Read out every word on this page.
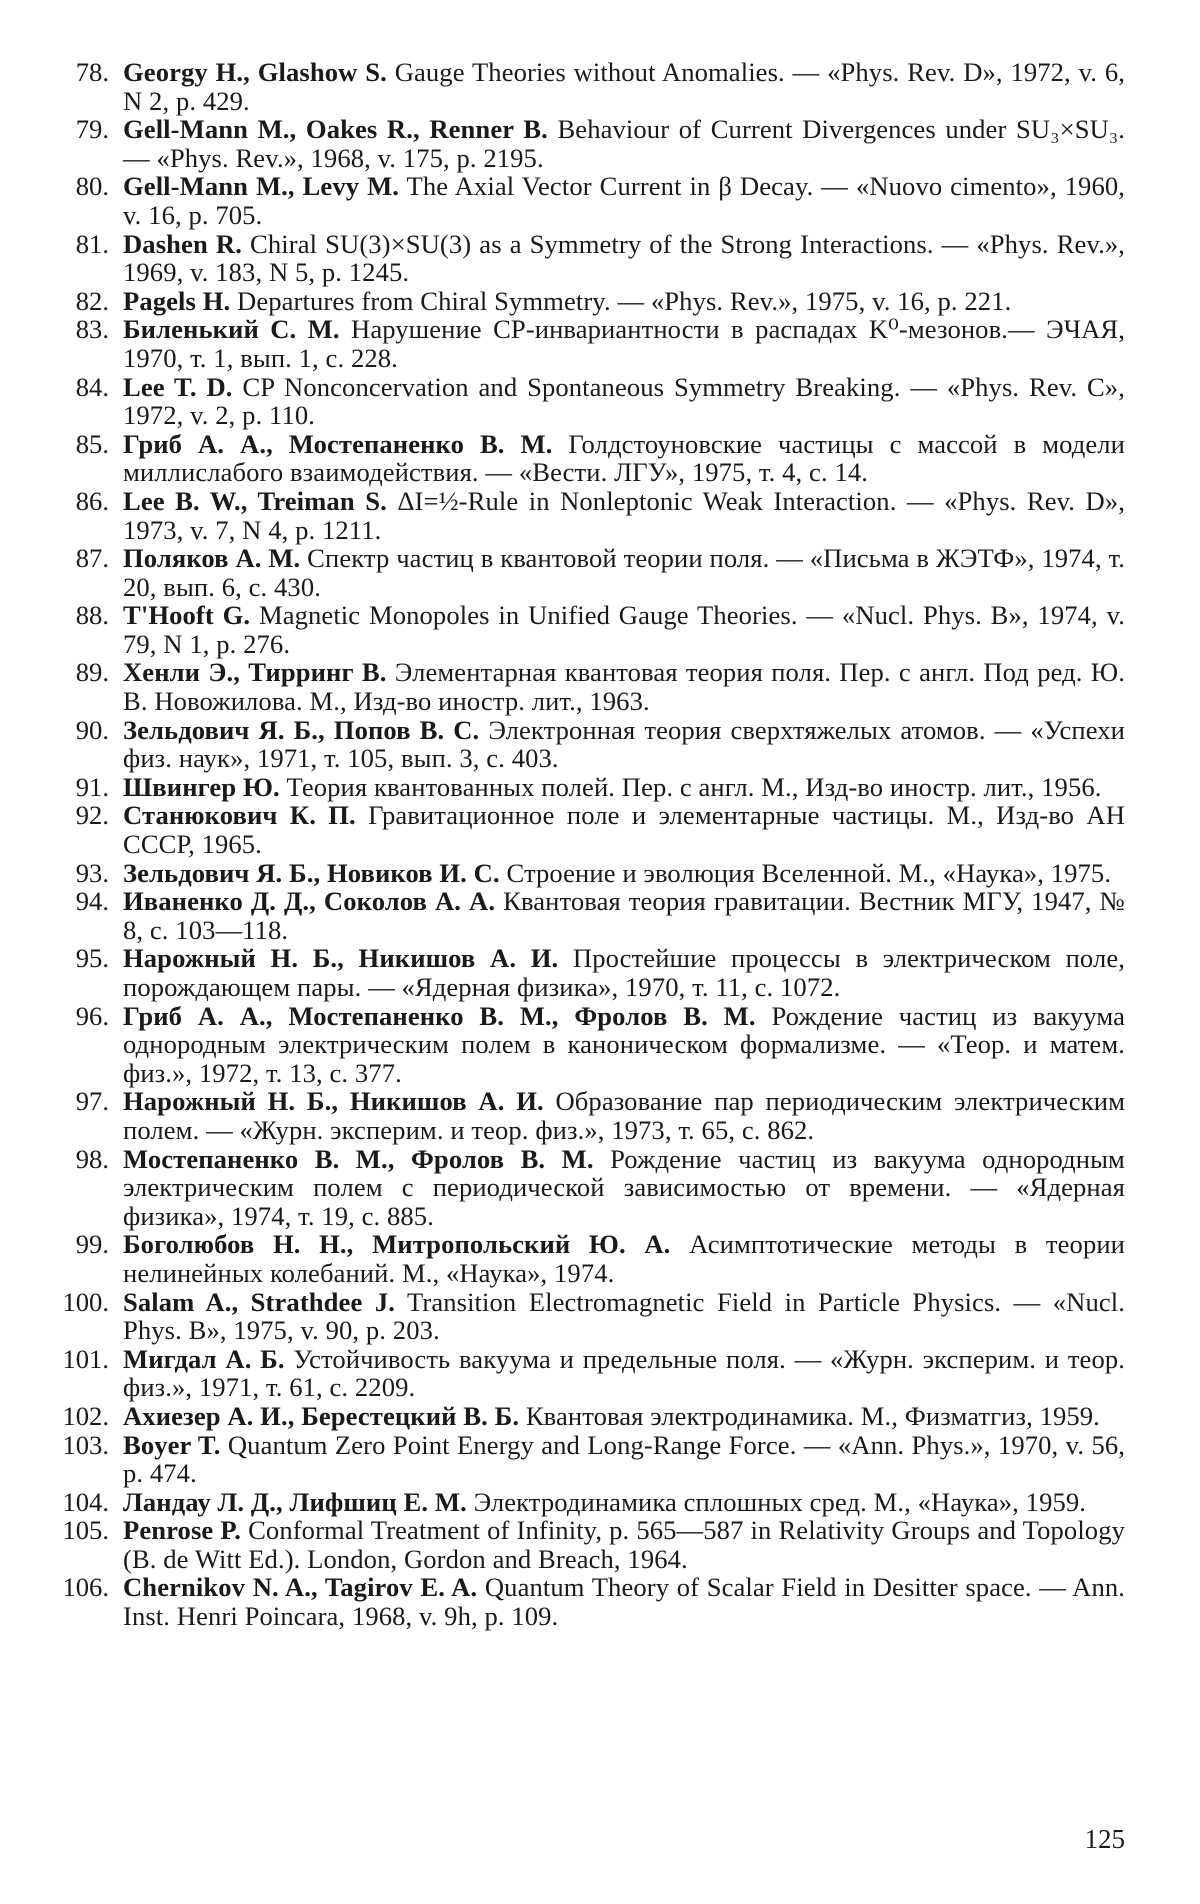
78. Georgy H., Glashow S. Gauge Theories without Anomalies. — «Phys. Rev. D», 1972, v. 6, N 2, p. 429.
79. Gell-Mann M., Oakes R., Renner B. Behaviour of Current Divergences under SU₃×SU₃. — «Phys. Rev.», 1968, v. 175, p. 2195.
80. Gell-Mann M., Levy M. The Axial Vector Current in β Decay. — «Nuovo cimento», 1960, v. 16, p. 705.
81. Dashen R. Chiral SU(3)×SU(3) as a Symmetry of the Strong Interactions. — «Phys. Rev.», 1969, v. 183, N 5, p. 1245.
82. Pagels H. Departures from Chiral Symmetry. — «Phys. Rev.», 1975, v. 16, p. 221.
83. Биленький С. М. Нарушение CP-инвариантности в распадах K⁰-мезонов.— ЭЧАЯ, 1970, т. 1, вып. 1, с. 228.
84. Lee T. D. CP Nonconcervation and Spontaneous Symmetry Breaking. — «Phys. Rev. C», 1972, v. 2, p. 110.
85. Гриб А. А., Мостепаненко В. М. Голдстоуновские частицы с массой в модели миллислабого взаимодействия. — «Вести. ЛГУ», 1975, т. 4, с. 14.
86. Lee B. W., Treiman S. ΔI=½-Rule in Nonleptonic Weak Interaction. — «Phys. Rev. D», 1973, v. 7, N 4, p. 1211.
87. Поляков А. М. Спектр частиц в квантовой теории поля. — «Письма в ЖЭТФ», 1974, т. 20, вып. 6, с. 430.
88. T'Hooft G. Magnetic Monopoles in Unified Gauge Theories. — «Nucl. Phys. B», 1974, v. 79, N 1, p. 276.
89. Хенли Э., Тирринг В. Элементарная квантовая теория поля. Пер. с англ. Под ред. Ю. В. Новожилова. М., Изд-во иностр. лит., 1963.
90. Зельдович Я. Б., Попов В. С. Электронная теория сверхтяжелых атомов. — «Успехи физ. наук», 1971, т. 105, вып. 3, с. 403.
91. Швингер Ю. Теория квантованных полей. Пер. с англ. М., Изд-во иностр. лит., 1956.
92. Станюкович К. П. Гравитационное поле и элементарные частицы. М., Изд-во АН СССР, 1965.
93. Зельдович Я. Б., Новиков И. С. Строение и эволюция Вселенной. М., «Наука», 1975.
94. Иваненко Д. Д., Соколов А. А. Квантовая теория гравитации. Вестник МГУ, 1947, № 8, с. 103—118.
95. Нарожный Н. Б., Никишов А. И. Простейшие процессы в электрическом поле, порождающем пары. — «Ядерная физика», 1970, т. 11, с. 1072.
96. Гриб А. А., Мостепаненко В. М., Фролов В. М. Рождение частиц из вакуума однородным электрическим полем в каноническом формализме. — «Теор. и матем. физ.», 1972, т. 13, с. 377.
97. Нарожный Н. Б., Никишов А. И. Образование пар периодическим электрическим полем. — «Журн. эксперим. и теор. физ.», 1973, т. 65, с. 862.
98. Мостепаненко В. М., Фролов В. М. Рождение частиц из вакуума однородным электрическим полем с периодической зависимостью от времени. — «Ядерная физика», 1974, т. 19, с. 885.
99. Боголюбов Н. Н., Митропольский Ю. А. Асимптотические методы в теории нелинейных колебаний. М., «Наука», 1974.
100. Salam A., Strathdee J. Transition Electromagnetic Field in Particle Physics. — «Nucl. Phys. B», 1975, v. 90, p. 203.
101. Мигдал А. Б. Устойчивость вакуума и предельные поля. — «Журн. эксперим. и теор. физ.», 1971, т. 61, с. 2209.
102. Ахиезер А. И., Берестецкий В. Б. Квантовая электродинамика. М., Физматгиз, 1959.
103. Boyer T. Quantum Zero Point Energy and Long-Range Force. — «Ann. Phys.», 1970, v. 56, p. 474.
104. Ландау Л. Д., Лифшиц Е. М. Электродинамика сплошных сред. М., «Наука», 1959.
105. Penrose P. Conformal Treatment of Infinity, p. 565—587 in Relativity Groups and Topology (B. de Witt Ed.). London, Gordon and Breach, 1964.
106. Chernikov N. A., Tagirov E. A. Quantum Theory of Scalar Field in Desitter space. — Ann. Inst. Henri Poincara, 1968, v. 9h, p. 109.
125
